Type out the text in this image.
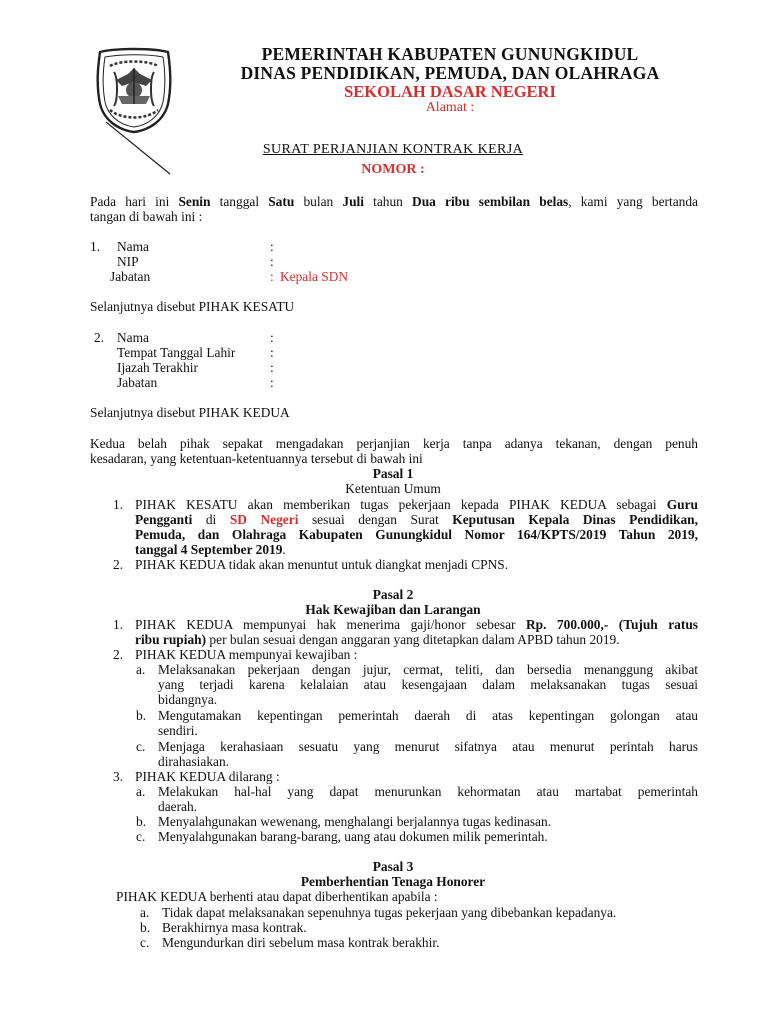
PEMERINTAH KABUPATEN GUNUNGKIDUL
DINAS PENDIDIKAN, PEMUDA, DAN OLAHRAGA
SEKOLAH DASAR NEGERI
Alamat :
SURAT PERJANJIAN KONTRAK KERJA
NOMOR :
Pada hari ini Senin tanggal Satu bulan Juli tahun Dua ribu sembilan belas, kami yang bertanda
tangan di bawah ini :
1. Nama	:
NIP	:
Jabatan	: Kepala SDN
Selanjutnya disebut PIHAK KESATU
2. Nama	:
Tempat Tanggal Lahir	:
Ijazah Terakhir	:
Jabatan	:
Selanjutnya disebut PIHAK KEDUA
Kedua belah pihak sepakat mengadakan perjanjian kerja tanpa adanya tekanan, dengan penuh
kesadaran, yang ketentuan-ketentuannya tersebut di bawah ini
Pasal 1
Ketentuan Umum
1. PIHAK KESATU akan memberikan tugas pekerjaan kepada PIHAK KEDUA sebagai Guru
Pengganti di SD Negeri sesuai dengan Surat Keputusan Kepala Dinas Pendidikan,
Pemuda, dan Olahraga Kabupaten Gunungkidul Nomor 164/KPTS/2019 Tahun 2019,
tanggal 4 September 2019.
2. PIHAK KEDUA tidak akan menuntut untuk diangkat menjadi CPNS.
Pasal 2
Hak Kewajiban dan Larangan
1. PIHAK KEDUA mempunyai hak menerima gaji/honor sebesar Rp. 700.000,- (Tujuh ratus
ribu rupiah) per bulan sesuai dengan anggaran yang ditetapkan dalam APBD tahun 2019.
2. PIHAK KEDUA mempunyai kewajiban :
a. Melaksanakan pekerjaan dengan jujur, cermat, teliti, dan bersedia menanggung akibat
yang terjadi karena kelalaian atau kesengajaan dalam melaksanakan tugas sesuai
bidangnya.
b. Mengutamakan kepentingan pemerintah daerah di atas kepentingan golongan atau
sendiri.
c. Menjaga kerahasiaan sesuatu yang menurut sifatnya atau menurut perintah harus
dirahasiakan.
3. PIHAK KEDUA dilarang :
a. Melakukan hal-hal yang dapat menurunkan kehormatan atau martabat pemerintah
daerah.
b. Menyalahgunakan wewenang, menghalangi berjalannya tugas kedinasan.
c. Menyalahgunakan barang-barang, uang atau dokumen milik pemerintah.
Pasal 3
Pemberhentian Tenaga Honorer
PIHAK KEDUA berhenti atau dapat diberhentikan apabila :
a. Tidak dapat melaksanakan sepenuhnya tugas pekerjaan yang dibebankan kepadanya.
b. Berakhirnya masa kontrak.
c. Mengundurkan diri sebelum masa kontrak berakhir.
